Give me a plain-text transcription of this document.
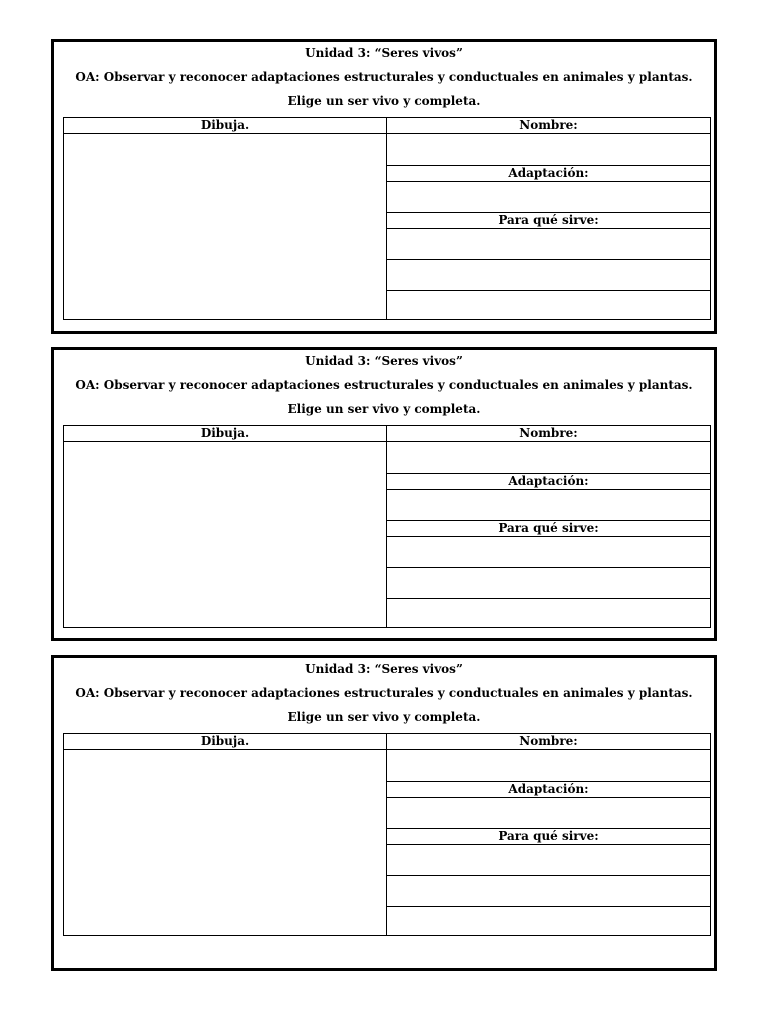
Unidad 3: “Seres vivos”
OA: Observar y reconocer adaptaciones estructurales y conductuales en animales y plantas.
Elige un ser vivo y completa.
Dibuja.	Nombre:
Adaptación:
Para qué sirve:
Unidad 3: “Seres vivos”
OA: Observar y reconocer adaptaciones estructurales y conductuales en animales y plantas.
Elige un ser vivo y completa.
Dibuja.	Nombre:
Adaptación:
Para qué sirve:
Unidad 3: “Seres vivos”
OA: Observar y reconocer adaptaciones estructurales y conductuales en animales y plantas.
Elige un ser vivo y completa.
Dibuja.	Nombre:
Adaptación:
Para qué sirve:
